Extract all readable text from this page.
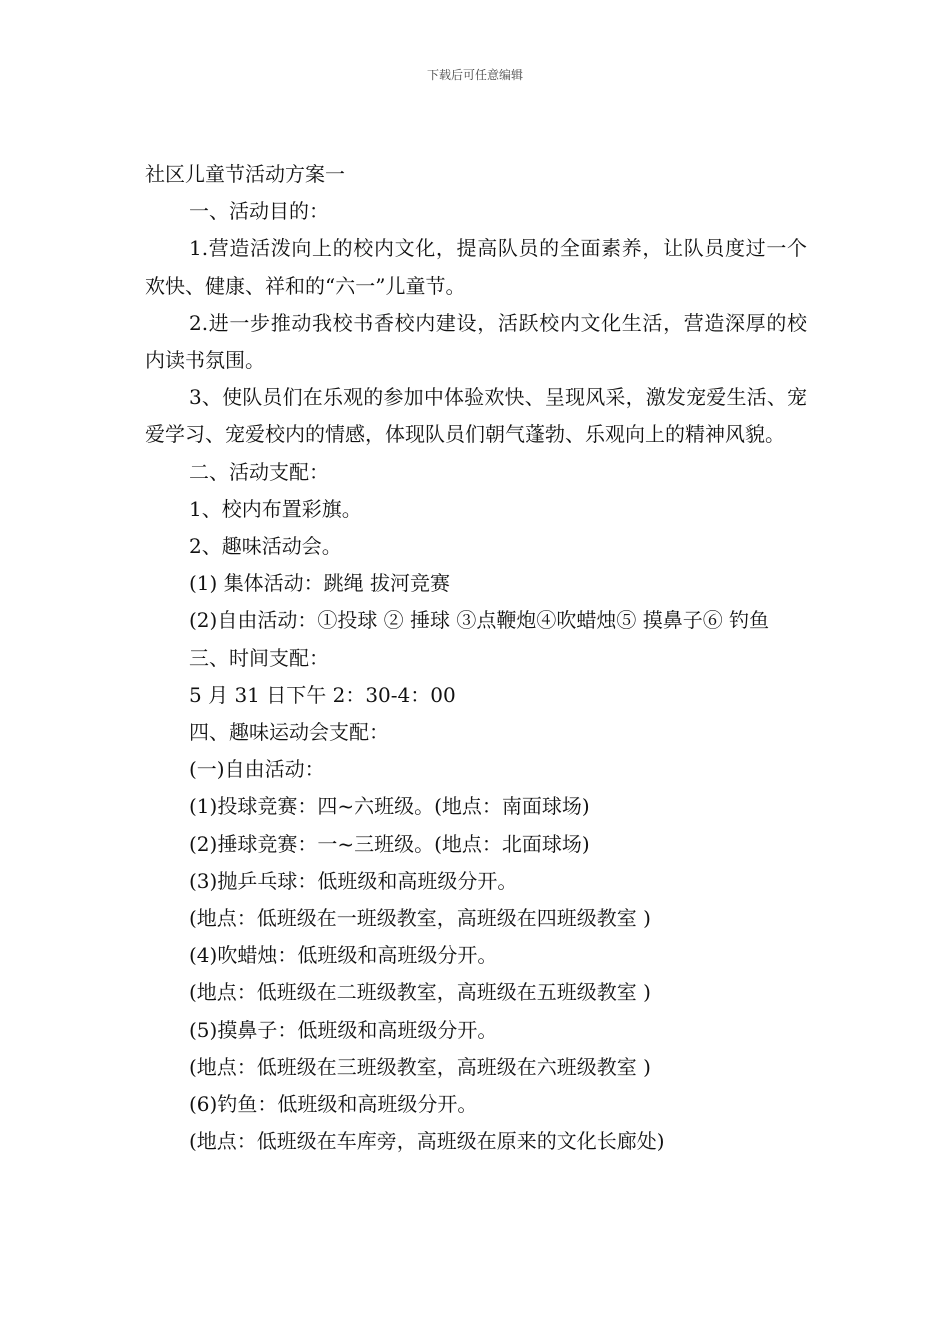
下载后可任意编辑

社区儿童节活动方案一

一、活动目的：

1.营造活泼向上的校内文化，提高队员的全面素养，让队员度过一个欢快、健康、祥和的“六一”儿童节。

2.进一步推动我校书香校内建设，活跃校内文化生活，营造深厚的校内读书氛围。

3、使队员们在乐观的参加中体验欢快、呈现风采，激发宠爱生活、宠爱学习、宠爱校内的情感，体现队员们朝气蓬勃、乐观向上的精神风貌。

二、活动支配：

1、校内布置彩旗。

2、趣味活动会。

(1) 集体活动：跳绳 拔河竞赛

(2)自由活动：①投球 ② 捶球 ③点鞭炮④吹蜡烛⑤ 摸鼻子⑥ 钓鱼

三、时间支配：

5 月 31 日下午 2：30-4：00

四、趣味运动会支配：

(一)自由活动：

(1)投球竞赛：四~六班级。(地点：南面球场)

(2)捶球竞赛：一~三班级。(地点：北面球场)

(3)抛乒乓球：低班级和高班级分开。

(地点：低班级在一班级教室，高班级在四班级教室 )

(4)吹蜡烛：低班级和高班级分开。

(地点：低班级在二班级教室，高班级在五班级教室 )

(5)摸鼻子：低班级和高班级分开。

(地点：低班级在三班级教室，高班级在六班级教室 )

(6)钓鱼：低班级和高班级分开。

(地点：低班级在车库旁，高班级在原来的文化长廊处)
